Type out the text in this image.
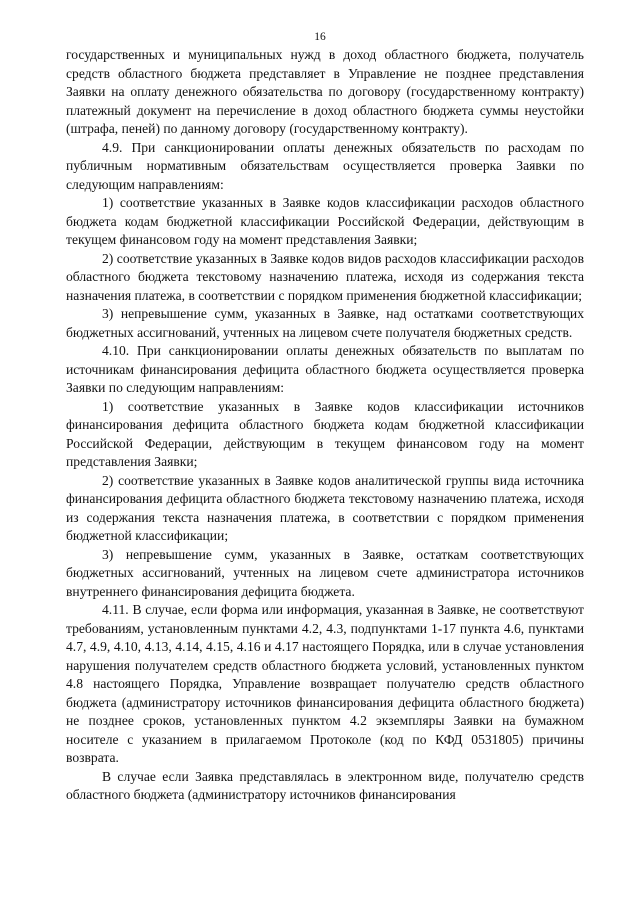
16

государственных и муниципальных нужд в доход областного бюджета, получатель средств областного бюджета представляет в Управление не позднее представления Заявки на оплату денежного обязательства по договору (государственному контракту) платежный документ на перечисление в доход областного бюджета суммы неустойки (штрафа, пеней) по данному договору (государственному контракту).

4.9. При санкционировании оплаты денежных обязательств по расходам по публичным нормативным обязательствам осуществляется проверка Заявки по следующим направлениям:

1) соответствие указанных в Заявке кодов классификации расходов областного бюджета кодам бюджетной классификации Российской Федерации, действующим в текущем финансовом году на момент представления Заявки;

2) соответствие указанных в Заявке кодов видов расходов классификации расходов областного бюджета текстовому назначению платежа, исходя из содержания текста назначения платежа, в соответствии с порядком применения бюджетной классификации;

3) непревышение сумм, указанных в Заявке, над остатками соответствующих бюджетных ассигнований, учтенных на лицевом счете получателя бюджетных средств.

4.10. При санкционировании оплаты денежных обязательств по выплатам по источникам финансирования дефицита областного бюджета осуществляется проверка Заявки по следующим направлениям:

1) соответствие указанных в Заявке кодов классификации источников финансирования дефицита областного бюджета кодам бюджетной классификации Российской Федерации, действующим в текущем финансовом году на момент представления Заявки;

2) соответствие указанных в Заявке кодов аналитической группы вида источника финансирования дефицита областного бюджета текстовому назначению платежа, исходя из содержания текста назначения платежа, в соответствии с порядком применения бюджетной классификации;

3) непревышение сумм, указанных в Заявке, остаткам соответствующих бюджетных ассигнований, учтенных на лицевом счете администратора источников внутреннего финансирования дефицита бюджета.

4.11. В случае, если форма или информация, указанная в Заявке, не соответствуют требованиям, установленным пунктами 4.2, 4.3, подпунктами 1-17 пункта 4.6, пунктами 4.7, 4.9, 4.10, 4.13, 4.14, 4.15, 4.16 и 4.17 настоящего Порядка, или в случае установления нарушения получателем средств областного бюджета условий, установленных пунктом 4.8 настоящего Порядка, Управление возвращает получателю средств областного бюджета (администратору источников финансирования дефицита областного бюджета) не позднее сроков, установленных пунктом 4.2 экземпляры Заявки на бумажном носителе с указанием в прилагаемом Протоколе (код по КФД 0531805) причины возврата.

В случае если Заявка представлялась в электронном виде, получателю средств областного бюджета (администратору источников финансирования
